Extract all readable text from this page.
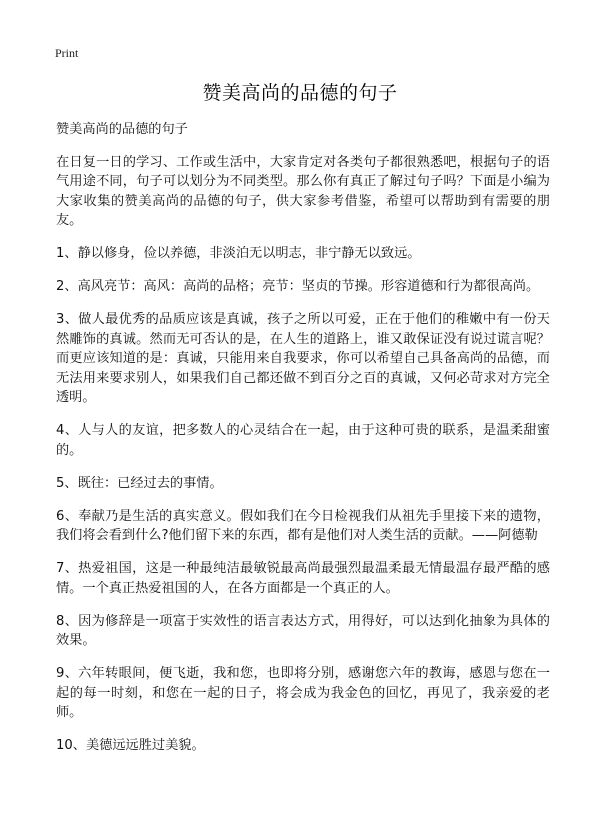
Print
赞美高尚的品德的句子

赞美高尚的品德的句子

在日复一日的学习、工作或生活中，大家肯定对各类句子都很熟悉吧，根据句子的语气用途不同，句子可以划分为不同类型。那么你有真正了解过句子吗？下面是小编为大家收集的赞美高尚的品德的句子，供大家参考借鉴，希望可以帮助到有需要的朋友。

1、静以修身，俭以养德，非淡泊无以明志，非宁静无以致远。

2、高风亮节：高风：高尚的品格；亮节：坚贞的节操。形容道德和行为都很高尚。

3、做人最优秀的品质应该是真诚，孩子之所以可爱，正在于他们的稚嫩中有一份天然雕饰的真诚。然而无可否认的是，在人生的道路上，谁又敢保证没有说过谎言呢？而更应该知道的是：真诚，只能用来自我要求，你可以希望自己具备高尚的品德，而无法用来要求别人，如果我们自己都还做不到百分之百的真诚，又何必苛求对方完全透明。

4、人与人的友谊，把多数人的心灵结合在一起，由于这种可贵的联系，是温柔甜蜜的。

5、既往：已经过去的事情。

6、奉献乃是生活的真实意义。假如我们在今日检视我们从祖先手里接下来的遗物，我们将会看到什么?他们留下来的东西，都有是他们对人类生活的贡献。——阿德勒

7、热爱祖国，这是一种最纯洁最敏锐最高尚最强烈最温柔最无情最温存最严酷的感情。一个真正热爱祖国的人，在各方面都是一个真正的人。

8、因为修辞是一项富于实效性的语言表达方式，用得好，可以达到化抽象为具体的效果。

9、六年转眼间，便飞逝，我和您，也即将分别，感谢您六年的教诲，感恩与您在一起的每一时刻，和您在一起的日子，将会成为我金色的回忆，再见了，我亲爱的老师。

10、美德远远胜过美貌。
